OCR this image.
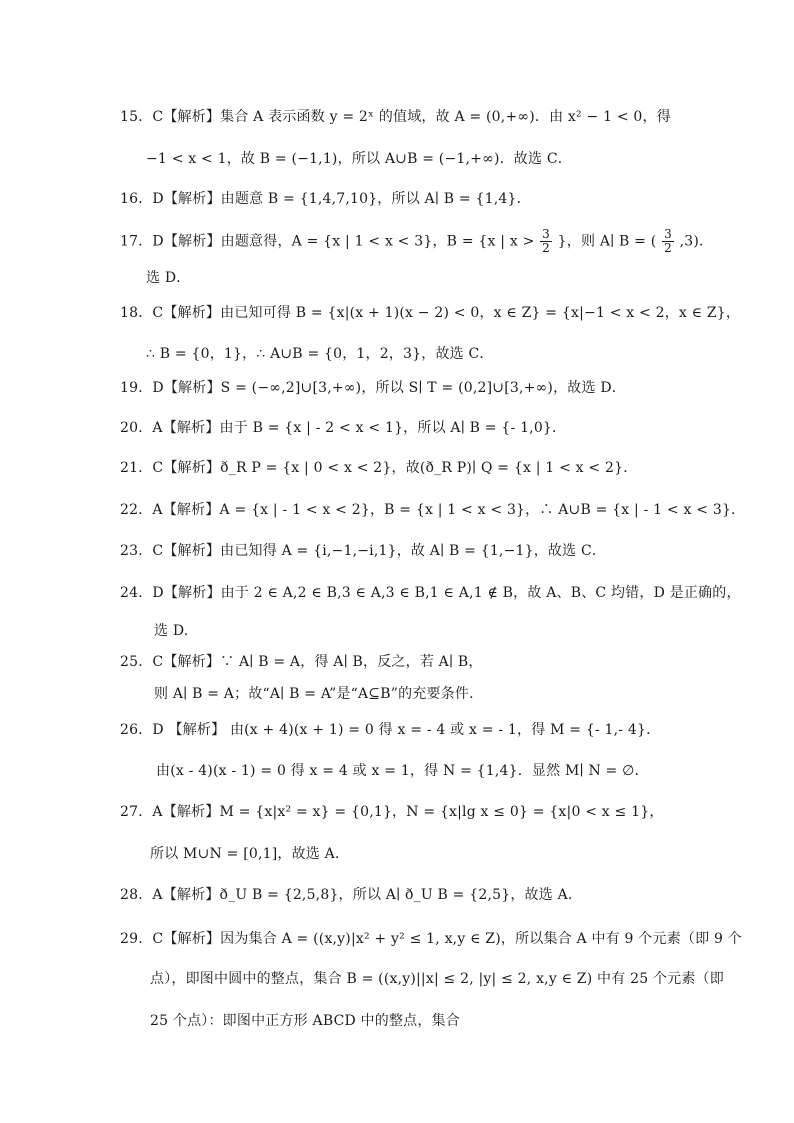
15．C【解析】集合 A 表示函数 y = 2ˣ 的值域，故 A = (0,+∞)．由 x² − 1 < 0，得
−1 < x < 1，故 B = (−1,1)，所以 A∪B = (−1,+∞)．故选 C．
16．D【解析】由题意 B = {1,4,7,10}，所以 A∣ B = {1,4}．
17．D【解析】由题意得，A = {x | 1 < x < 3}，B = {x | $x > \frac{3}{2}$ }，则 A∣ B = ( $\frac{3}{2} ,3$)．
选 D．
18．C【解析】由已知可得 B = {x|(x + 1)(x − 2) < 0，x ∈ Z} = {x|−1 < x < 2，x ∈ Z}，
∴ B = {0，1}，∴ A∪B = {0，1，2，3}，故选 C．
19．D【解析】S = (−∞,2]∪[3,+∞)，所以 S∣ T = (0,2]∪[3,+∞)，故选 D．
20．A【解析】由于 B = {x | - 2 < x < 1}，所以 A∣ B = {- 1,0}．
21．C【解析】ð_R P = {x | 0 < x < 2}，故(ð_R P)∣ Q = {x | 1 < x < 2}．
22．A【解析】A = {x | - 1 < x < 2}，B = {x | 1 < x < 3}，∴ A∪B = {x | - 1 < x < 3}．
23．C【解析】由已知得 A = {i,−1,−i,1}，故 A∣ B = {1,−1}，故选 C．
24．D【解析】由于 2 ∈ A,2 ∈ B,3 ∈ A,3 ∈ B,1 ∈ A,1 ∉ B，故 A、B、C 均错，D 是正确的，
选 D.
25．C【解析】∵ A∣ B = A，得 A∣ B，反之，若 A∣ B，
则 A∣ B = A；故“A∣ B = A”是“A⊆B”的充要条件.
26．D 【解析】 由(x + 4)(x + 1) = 0 得 x = - 4 或 x = - 1，得 M = {- 1,- 4}．
由(x - 4)(x - 1) = 0 得 x = 4 或 x = 1，得 N = {1,4}．显然 M∣ N = ∅．
27．A【解析】M = {x|x² = x} = {0,1}，N = {x|lg x ≤ 0} = {x|0 < x ≤ 1}，
所以 M∪N = [0,1]，故选 A．
28．A【解析】ð_U B = {2,5,8}，所以 A∣ ð_U B = {2,5}，故选 A.
29．C【解析】因为集合 A = ((x,y)|x² + y² ≤ 1, x,y ∈ Z)，所以集合 A 中有 9 个元素（即 9 个
点），即图中圆中的整点，集合 B = ((x,y)||x| ≤ 2, |y| ≤ 2, x,y ∈ Z) 中有 25 个元素（即
25 个点）：即图中正方形 ABCD 中的整点，集合
